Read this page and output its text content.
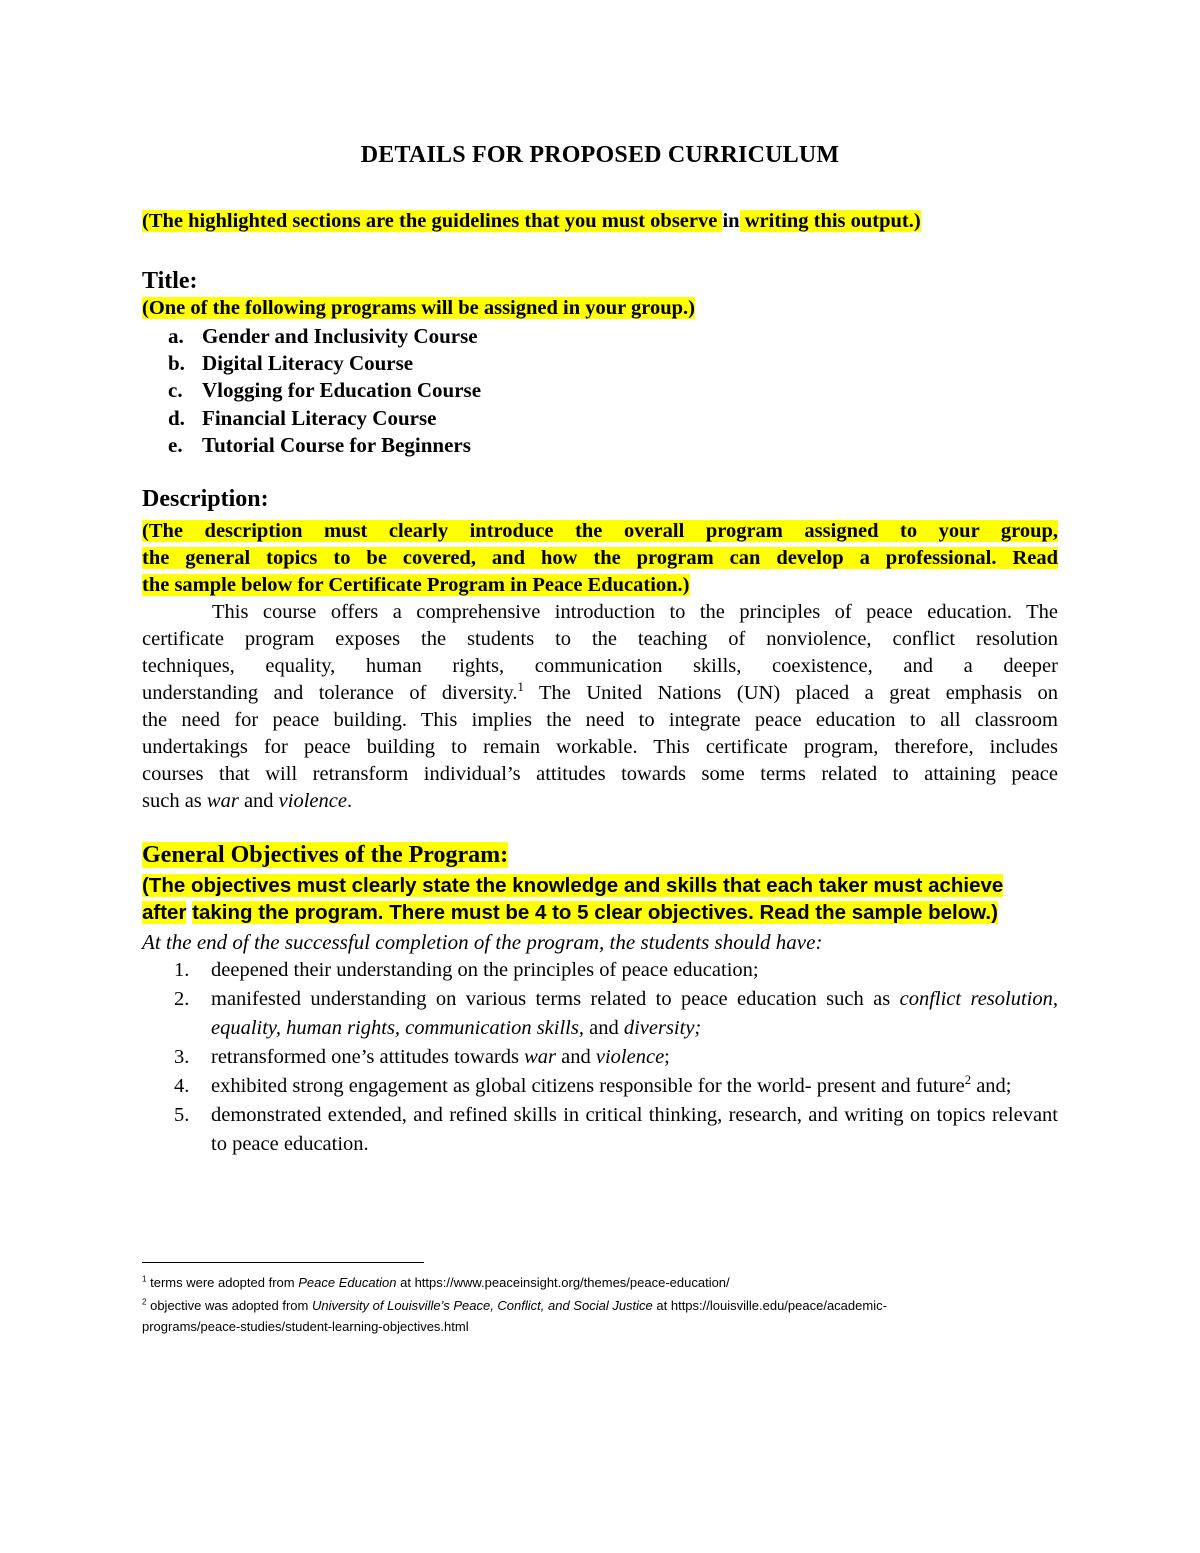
DETAILS FOR PROPOSED CURRICULUM
(The highlighted sections are the guidelines that you must observe in writing this output.)
Title:
(One of the following programs will be assigned in your group.)
a. Gender and Inclusivity Course
b. Digital Literacy Course
c. Vlogging for Education Course
d. Financial Literacy Course
e. Tutorial Course for Beginners
Description:
(The description must clearly introduce the overall program assigned to your group,
the general topics to be covered, and how the program can develop a professional. Read
the sample below for Certificate Program in Peace Education.)
This course offers a comprehensive introduction to the principles of peace education. The
certificate program exposes the students to the teaching of nonviolence, conflict resolution
techniques, equality, human rights, communication skills, coexistence, and a deeper
understanding and tolerance of diversity.$^1$ The United Nations (UN) placed a great emphasis on
the need for peace building. This implies the need to integrate peace education to all classroom
undertakings for peace building to remain workable. This certificate program, therefore, includes
courses that will retransform individual’s attitudes towards some terms related to attaining peace
such as war and violence.
General Objectives of the Program:
(The objectives must clearly state the knowledge and skills that each taker must achieve
after taking the program. There must be 4 to 5 clear objectives. Read the sample below.)
At the end of the successful completion of the program, the students should have:
1. deepened their understanding on the principles of peace education;
2. manifested understanding on various terms related to peace education such as conflict resolution, equality, human rights, communication skills, and diversity;
3. retransformed one’s attitudes towards war and violence;
4. exhibited strong engagement as global citizens responsible for the world- present and future$^2$ and;
5. demonstrated extended, and refined skills in critical thinking, research, and writing on topics relevant to peace education.
$^1$ terms were adopted from Peace Education at https://www.peaceinsight.org/themes/peace-education/
$^2$ objective was adopted from University of Louisville’s Peace, Conflict, and Social Justice at https://louisville.edu/peace/academic-
programs/peace-studies/student-learning-objectives.html
